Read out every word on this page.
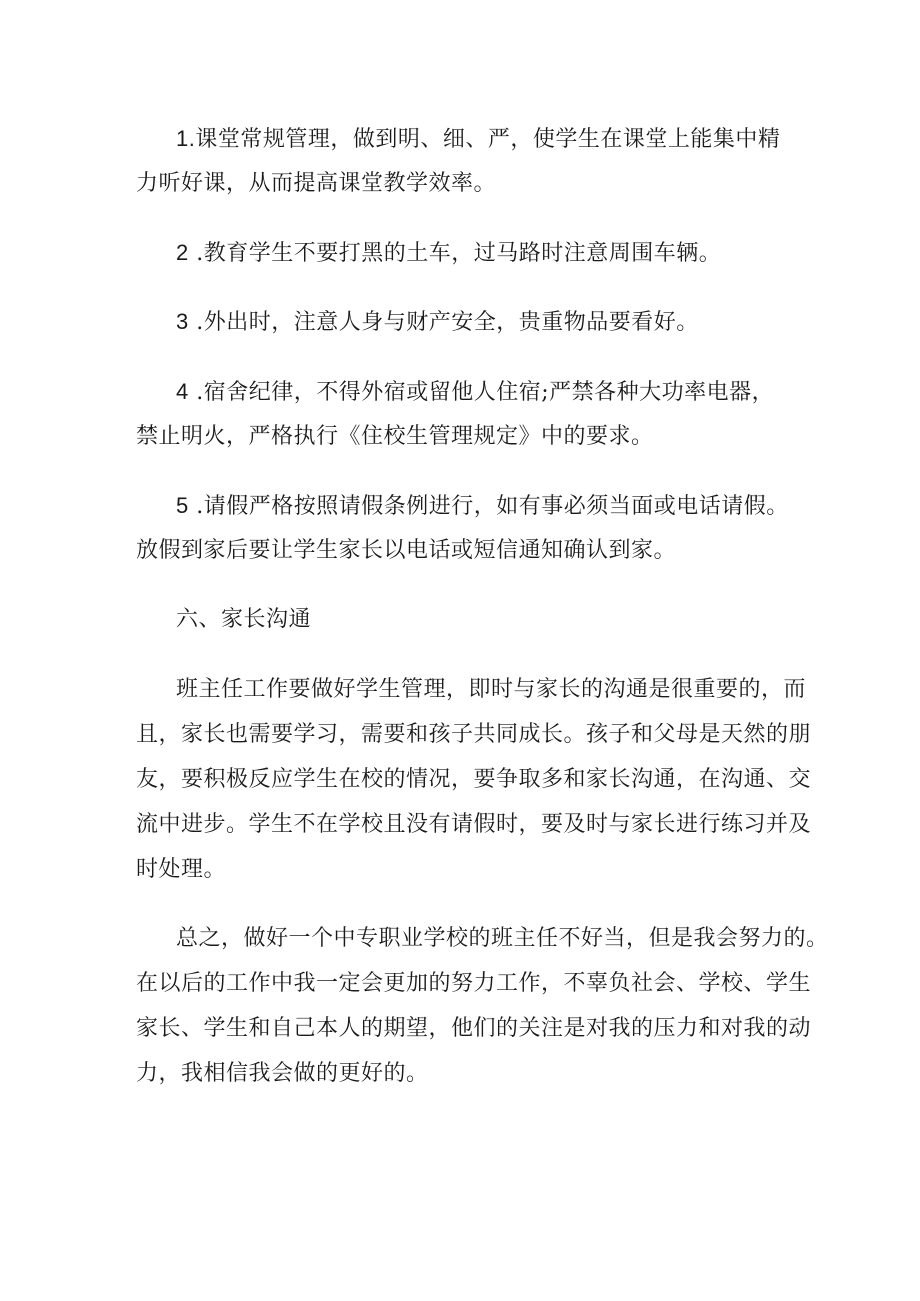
1.课堂常规管理，做到明、细、严，使学生在课堂上能集中精
力听好课，从而提高课堂教学效率。
2 .教育学生不要打黑的土车，过马路时注意周围车辆。
3 .外出时，注意人身与财产安全，贵重物品要看好。
4 .宿舍纪律，不得外宿或留他人住宿;严禁各种大功率电器，
禁止明火，严格执行《住校生管理规定》中的要求。
5 .请假严格按照请假条例进行，如有事必须当面或电话请假。
放假到家后要让学生家长以电话或短信通知确认到家。
六、家长沟通
班主任工作要做好学生管理，即时与家长的沟通是很重要的，而
且，家长也需要学习，需要和孩子共同成长。孩子和父母是天然的朋
友，要积极反应学生在校的情况，要争取多和家长沟通，在沟通、交
流中进步。学生不在学校且没有请假时，要及时与家长进行练习并及
时处理。
总之，做好一个中专职业学校的班主任不好当，但是我会努力的。
在以后的工作中我一定会更加的努力工作，不辜负社会、学校、学生
家长、学生和自己本人的期望，他们的关注是对我的压力和对我的动
力，我相信我会做的更好的。
